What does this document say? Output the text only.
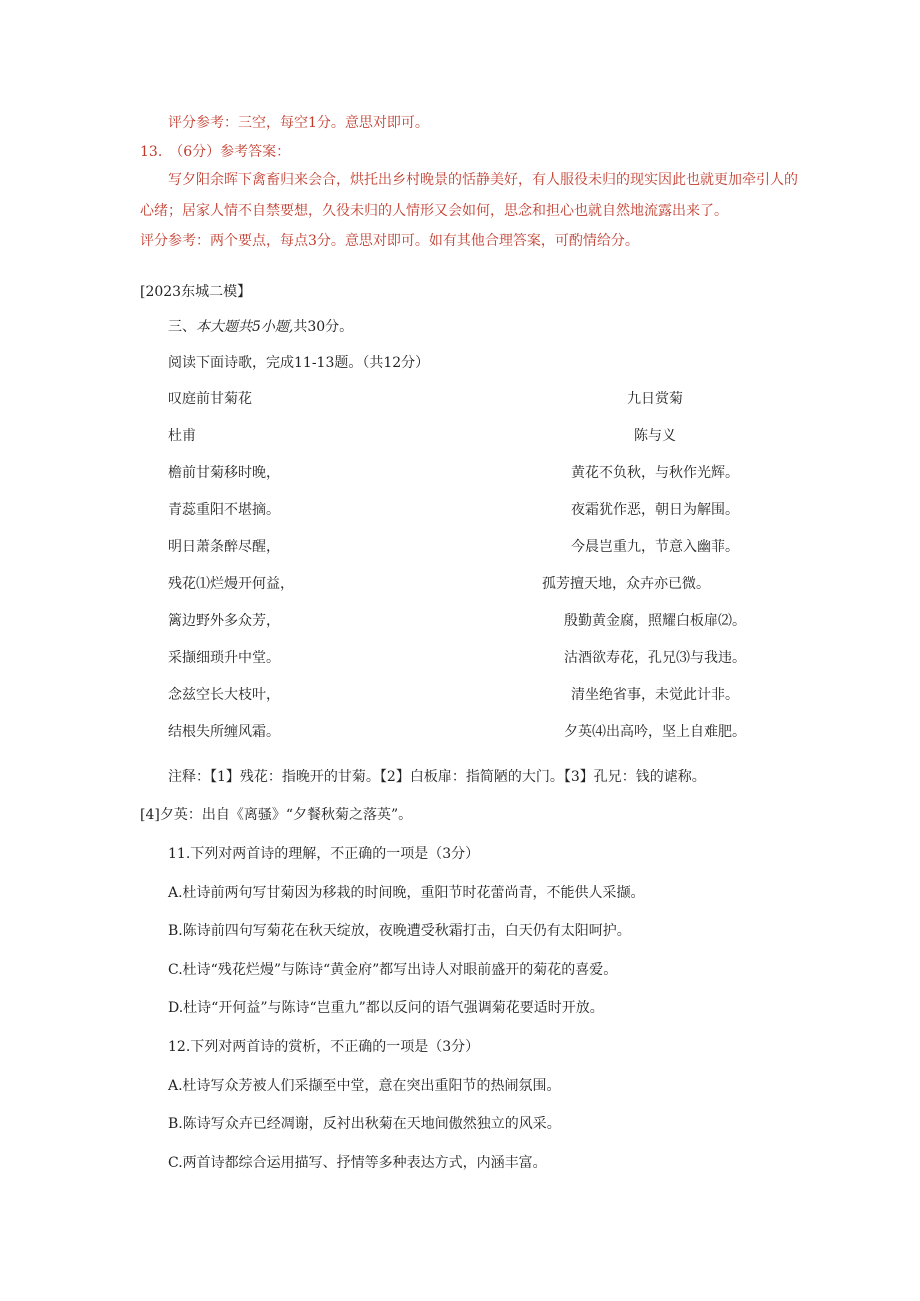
评分参考：三空，每空1分。意思对即可。
13.　（6分）参考答案：
写夕阳余晖下禽畜归来会合，烘托出乡村晚景的恬静美好，有人服役未归的现实因此也就更加牵引人的心绪；居家人情不自禁要想，久役未归的人情形又会如何，思念和担心也就自然地流露出来了。
评分参考：两个要点，每点3分。意思对即可。如有其他合理答案，可酌情给分。
[2023东城二模】
三、本大题共5小题,共30分。
阅读下面诗歌，完成11-13题。（共12分）
叹庭前甘菊花
杜甫
檐前甘菊移时晚，
青蕊重阳不堪摘。
明日萧条醉尽醒，
残花⑴烂熳开何益，
篱边野外多众芳，
采撷细琐升中堂。
念兹空长大枝叶，
结根失所缠风霜。
九日赏菊
陈与义
黄花不负秋，与秋作光辉。
夜霜犹作恶，朝日为解围。
今晨岂重九，节意入幽菲。
孤芳擅天地，众卉亦已微。
殷勤黄金腐，照耀白板扉⑵。
沽酒欲寿花，孔兄⑶与我违。
清坐绝省事，未觉此计非。
夕英⑷出高吟，坚上自难肥。
注释：【1】残花：指晚开的甘菊。【2】白板扉：指简陋的大门。【3】孔兄：钱的谑称。
[4]夕英：出自《离骚》“夕餐秋菊之落英”。
11.下列对两首诗的理解，不正确的一项是（3分）
A.杜诗前两句写甘菊因为移栽的时间晚，重阳节时花蕾尚青，不能供人采撷。
B.陈诗前四句写菊花在秋天绽放，夜晚遭受秋霜打击，白天仍有太阳呵护。
C.杜诗“残花烂熳”与陈诗“黄金府”都写出诗人对眼前盛开的菊花的喜爱。
D.杜诗“开何益”与陈诗“岂重九”都以反问的语气强调菊花要适时开放。
12.下列对两首诗的赏析，不正确的一项是（3分）
A.杜诗写众芳被人们采撷至中堂，意在突出重阳节的热闹氛围。
B.陈诗写众卉已经凋谢，反衬出秋菊在天地间傲然独立的风采。
C.两首诗都综合运用描写、抒情等多种表达方式，内涵丰富。
